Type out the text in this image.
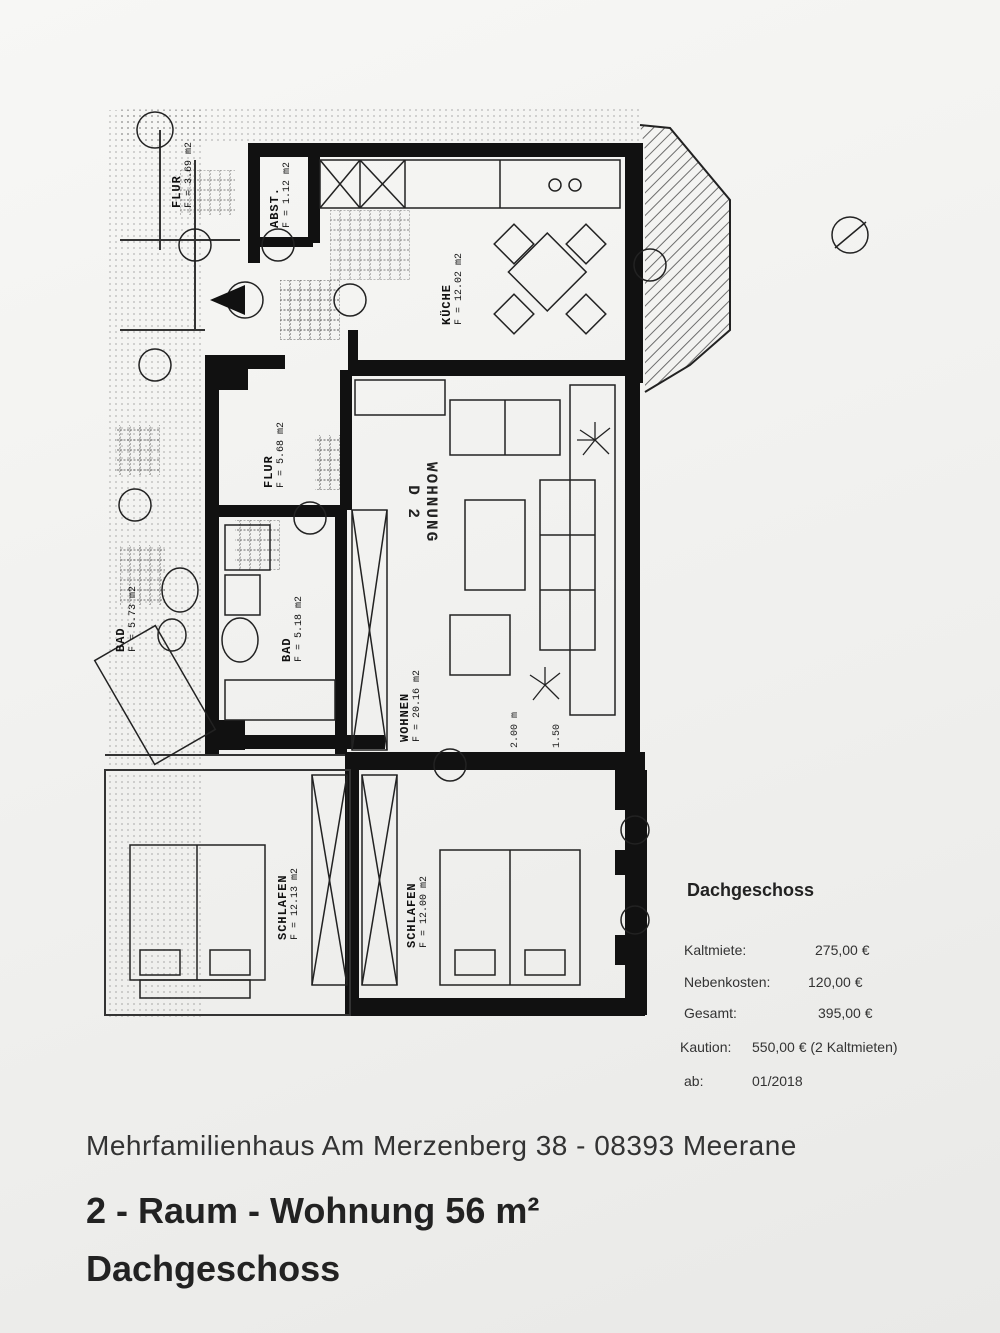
FLUR F = 3.69 m2	ABST. F = 1.12 m2
KÜCHE F = 12.02 m2
FLUR F = 5.68 m2
BAD F = 5.73 m2	BAD F = 5.18 m2
WOHNEN F = 20.16 m2
SCHLAFEN F = 12.13 m2	SCHLAFEN F = 12.00 m2
WOHNUNG
D 2
2.00 m	1.50
Dachgeschoss
Kaltmiete:	275,00 €
Nebenkosten:	120,00 €
Gesamt:	395,00 €
Kaution: 550,00 € (2 Kaltmieten)
ab:	01/2018
Mehrfamilienhaus Am Merzenberg 38 - 08393 Meerane
2 - Raum - Wohnung 56 m²
Dachgeschoss
